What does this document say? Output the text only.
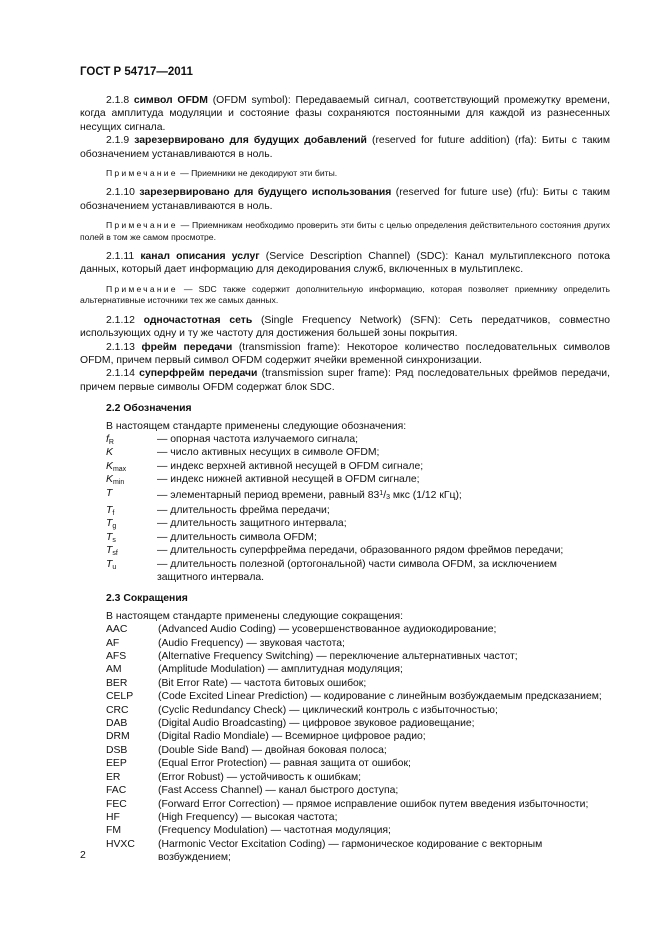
ГОСТ Р 54717—2011

2.1.8 символ OFDM (OFDM symbol): Передаваемый сигнал, соответствующий промежутку времени, когда амплитуда модуляции и состояние фазы сохраняются постоянными для каждой из разнесенных несущих сигнала.

2.1.9 зарезервировано для будущих добавлений (reserved for future addition) (rfa): Биты с таким обозначением устанавливаются в ноль.

Примечание — Приемники не декодируют эти биты.

2.1.10 зарезервировано для будущего использования (reserved for future use) (rfu): Биты с таким обозначением устанавливаются в ноль.

Примечание — Приемникам необходимо проверить эти биты с целью определения действительного состояния других полей в том же самом просмотре.

2.1.11 канал описания услуг (Service Description Channel) (SDC): Канал мультиплексного потока данных, который дает информацию для декодирования служб, включенных в мультиплекс.

Примечание — SDC также содержит дополнительную информацию, которая позволяет приемнику определить альтернативные источники тех же самых данных.

2.1.12 одночастотная сеть (Single Frequency Network) (SFN): Сеть передатчиков, совместно использующих одну и ту же частоту для достижения большей зоны покрытия.

2.1.13 фрейм передачи (transmission frame): Некоторое количество последовательных символов OFDM, причем первый символ OFDM содержит ячейки временной синхронизации.

2.1.14 суперфрейм передачи (transmission super frame): Ряд последовательных фреймов передачи, причем первые символы OFDM содержат блок SDC.

2.2 Обозначения

В настоящем стандарте применены следующие обозначения:

$f_R$	— опорная частота излучаемого сигнала;
K	— число активных несущих в символе OFDM;
$K_{max}$	— индекс верхней активной несущей в OFDM сигнале;
$K_{min}$	— индекс нижней активной несущей в OFDM сигнале;
T	— элементарный период времени, равный $83^1/_3$ мкс (1/12 кГц);
$T_f$	— длительность фрейма передачи;
$T_g$	— длительность защитного интервала;
$T_s$	— длительность символа OFDM;
$T_{sf}$	— длительность суперфрейма передачи, образованного рядом фреймов передачи;
$T_u$	— длительность полезной (ортогональной) части символа OFDM, за исключением защитного интервала.

2.3 Сокращения

В настоящем стандарте применены следующие сокращения:

AAC	(Advanced Audio Coding) — усовершенствованное аудиокодирование;
AF	(Audio Frequency) — звуковая частота;
AFS	(Alternative Frequency Switching) — переключение альтернативных частот;
AM	(Amplitude Modulation) — амплитудная модуляция;
BER	(Bit Error Rate) — частота битовых ошибок;
CELP (Code Excited Linear Prediction) — кодирование с линейным возбуждаемым предсказанием;
CRC	(Cyclic Redundancy Check) — циклический контроль с избыточностью;
DAB	(Digital Audio Broadcasting) — цифровое звуковое радиовещание;
DRM	(Digital Radio Mondiale) — Всемирное цифровое радио;
DSB	(Double Side Band) — двойная боковая полоса;
EEP	(Equal Error Protection) — равная защита от ошибок;
ER	(Error Robust) — устойчивость к ошибкам;
FAC	(Fast Access Channel) — канал быстрого доступа;
FEC	(Forward Error Correction) — прямое исправление ошибок путем введения избыточности;
HF	(High Frequency) — высокая частота;
FM	(Frequency Modulation) — частотная модуляция;
HVXC (Harmonic Vector Excitation Coding) — гармоническое кодирование с векторным возбуждением;
2
